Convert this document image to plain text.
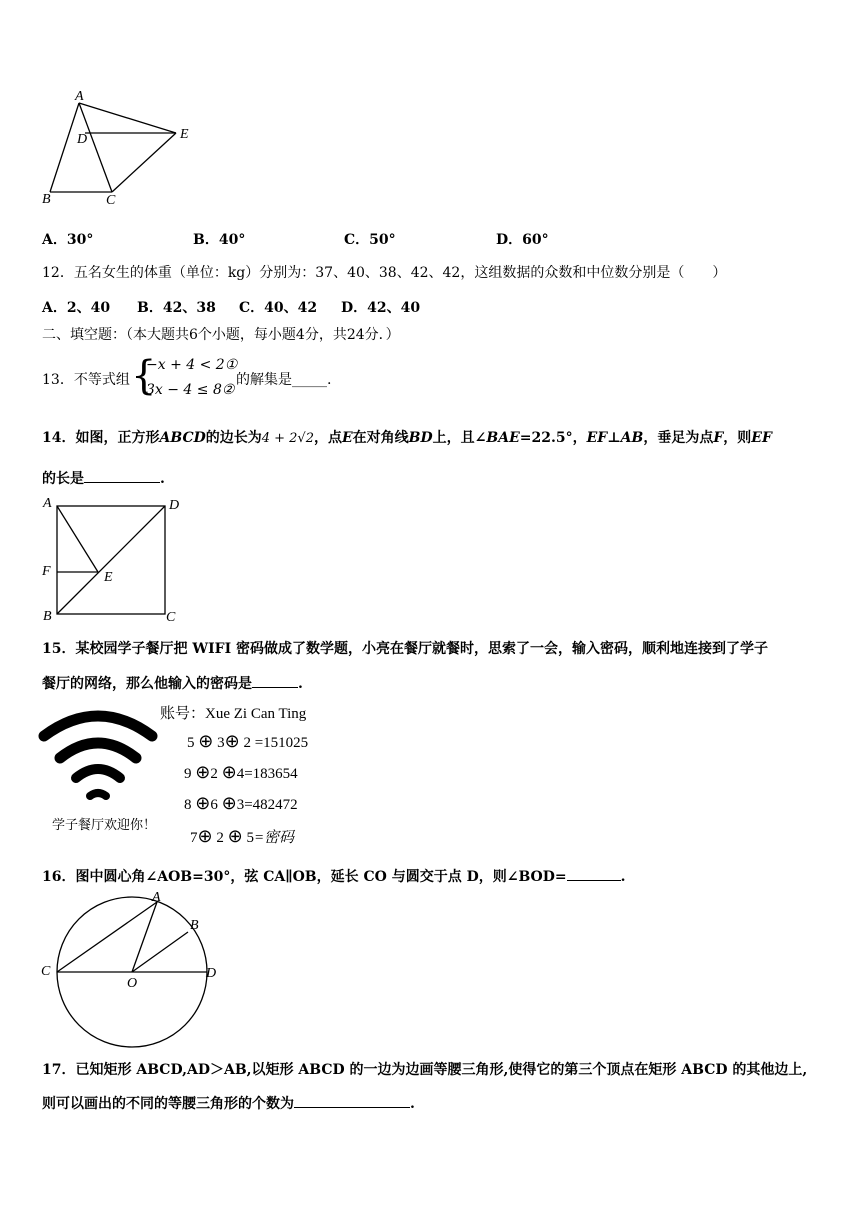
A
D	E
B	C
A．30°	B．40°	C．50°	D．60°
12．五名女生的体重（单位：kg）分别为：37、40、38、42、42，这组数据的众数和中位数分别是（　　）
A．2、40 B．42、38 C．40、42 D．42、40
二、填空题：（本大题共6个小题，每小题4分，共24分．）
13．不等式组 {
−x + 4 < 2①
3x − 4 ≤ 8②
的解集是_____.
14．如图，正方形ABCD的边长为4 + 2√2，点E在对角线BD上，且∠BAE=22.5°，EF⊥AB，垂足为点F，则EF
的长是	.
A	D
F	E
B	C
15．某校园学子餐厅把 WIFI 密码做成了数学题，小亮在餐厅就餐时，思索了一会，输入密码，顺利地连接到了学子
餐厅的网络，那么他输入的密码是	.
学子餐厅欢迎你！
账号：Xue Zi Can Ting
5 ⊕ 3⊕ 2 =151025
9 ⊕2 ⊕4=183654
8 ⊕6 ⊕3=482472
7⊕ 2 ⊕ 5=密码
16．图中圆心角∠AOB=30°，弦 CA∥OB，延长 CO 与圆交于点 D，则∠BOD=	.
A
B
C
O
D
17．已知矩形 ABCD,AD＞AB,以矩形 ABCD 的一边为边画等腰三角形,使得它的第三个顶点在矩形 ABCD 的其他边上,
则可以画出的不同的等腰三角形的个数为	.
